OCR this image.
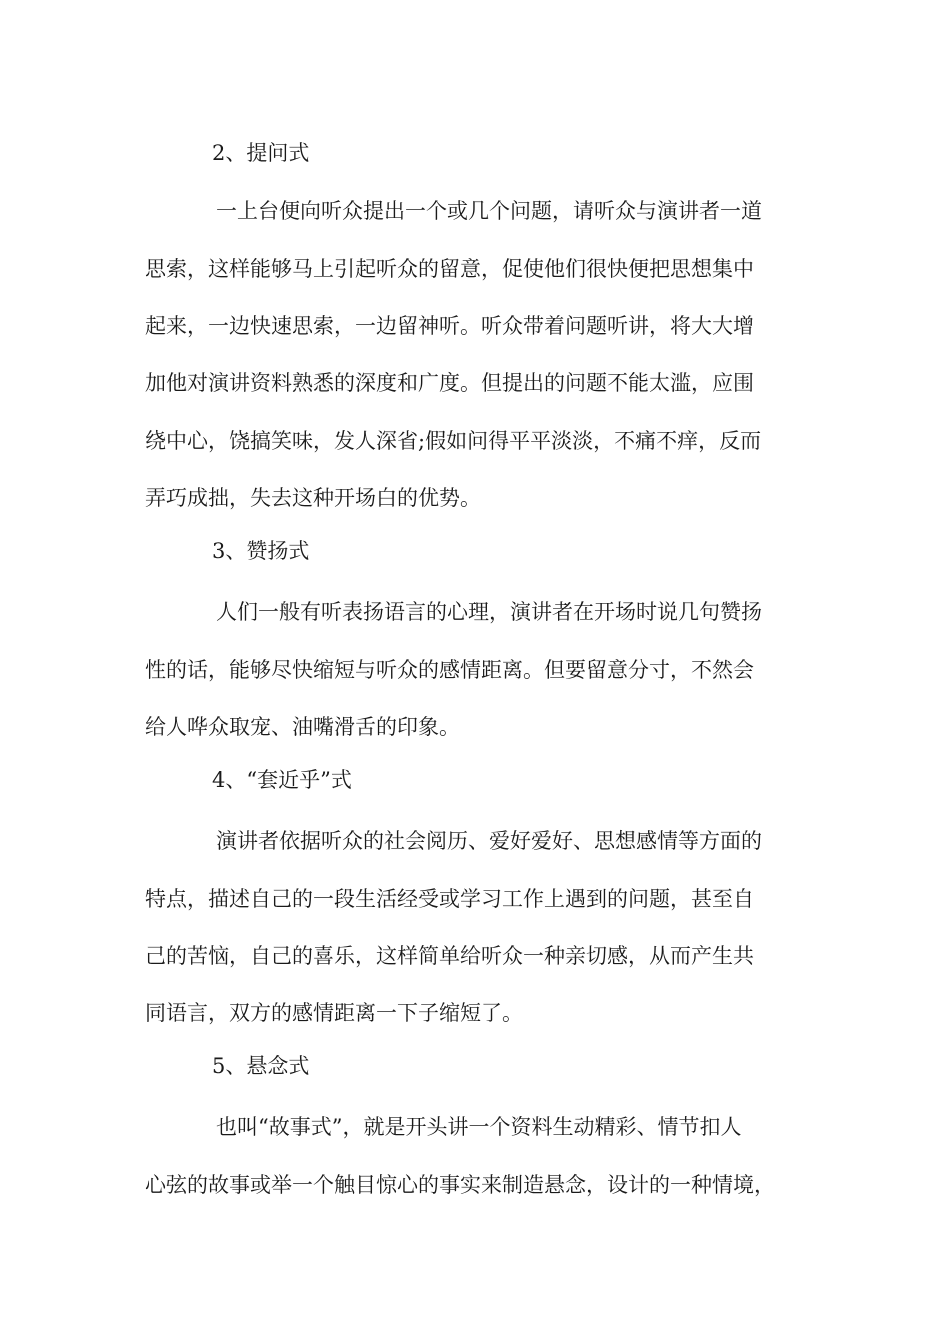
2、提问式
一上台便向听众提出一个或几个问题，请听众与演讲者一道
思索，这样能够马上引起听众的留意，促使他们很快便把思想集中
起来，一边快速思索，一边留神听。听众带着问题听讲，将大大增
加他对演讲资料熟悉的深度和广度。但提出的问题不能太滥，应围
绕中心，饶搞笑味，发人深省;假如问得平平淡淡，不痛不痒，反而
弄巧成拙，失去这种开场白的优势。
3、赞扬式
人们一般有听表扬语言的心理，演讲者在开场时说几句赞扬
性的话，能够尽快缩短与听众的感情距离。但要留意分寸，不然会
给人哗众取宠、油嘴滑舌的印象。
4、“套近乎”式
演讲者依据听众的社会阅历、爱好爱好、思想感情等方面的
特点，描述自己的一段生活经受或学习工作上遇到的问题，甚至自
己的苦恼，自己的喜乐，这样简单给听众一种亲切感，从而产生共
同语言，双方的感情距离一下子缩短了。
5、悬念式
也叫“故事式”，就是开头讲一个资料生动精彩、情节扣人
心弦的故事或举一个触目惊心的事实来制造悬念，设计的一种情境，
